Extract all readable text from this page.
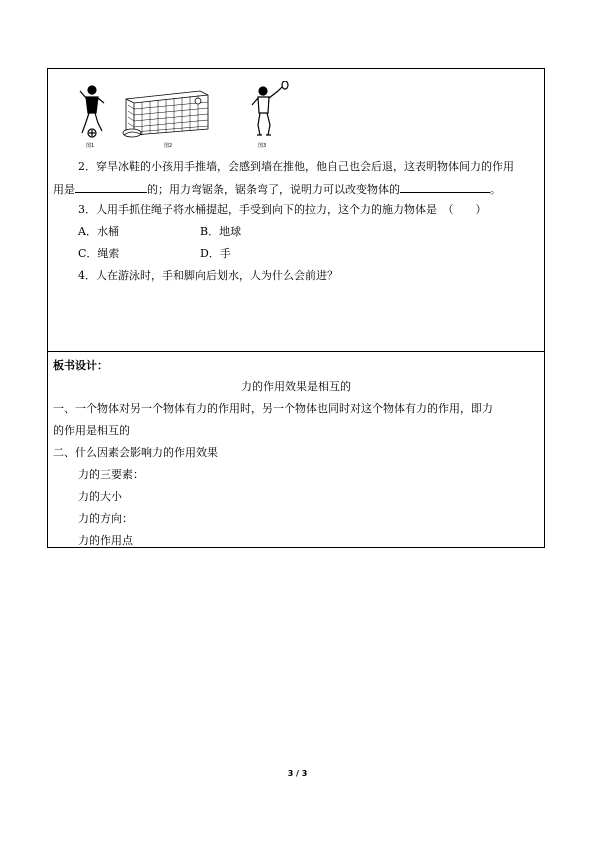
图1	图2	图3
2．穿旱冰鞋的小孩用手推墙，会感到墙在推他，他自己也会后退，这表明物体间力的作用
用是	的；用力弯锯条，锯条弯了，说明力可以改变物体的	。
3．人用手抓住绳子将水桶提起，手受到向下的拉力，这个力的施力物体是　（　　）
A．水桶	B．地球
C．绳索	D．手
4．人在游泳时，手和脚向后划水，人为什么会前进？
板书设计：
力的作用效果是相互的
一、一个物体对另一个物体有力的作用时，另一个物体也同时对这个物体有力的作用，即力
的作用是相互的
二、什么因素会影响力的作用效果
力的三要素：
力的大小
力的方向：
力的作用点
3 / 3
